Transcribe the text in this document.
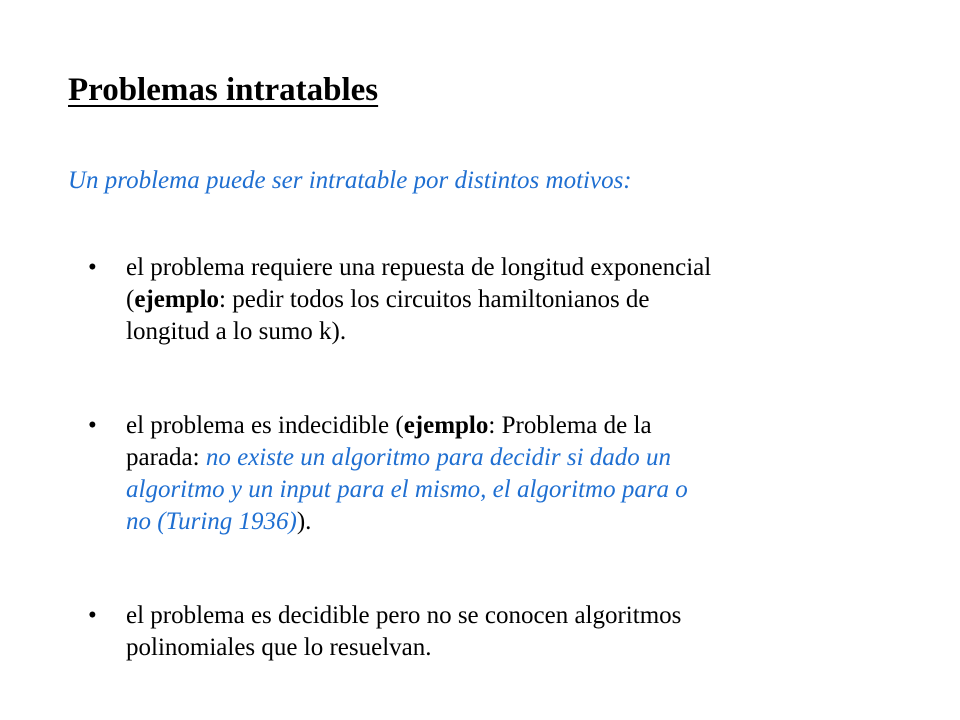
Problemas intratables
Un problema puede ser intratable por distintos motivos:
• el problema requiere una repuesta de longitud exponencial
(ejemplo: pedir todos los circuitos hamiltonianos de
longitud a lo sumo k).
• el problema es indecidible (ejemplo: Problema de la
parada: no existe un algoritmo para decidir si dado un
algoritmo y un input para el mismo, el algoritmo para o
no (Turing 1936)).
• el problema es decidible pero no se conocen algoritmos
polinomiales que lo resuelvan.
